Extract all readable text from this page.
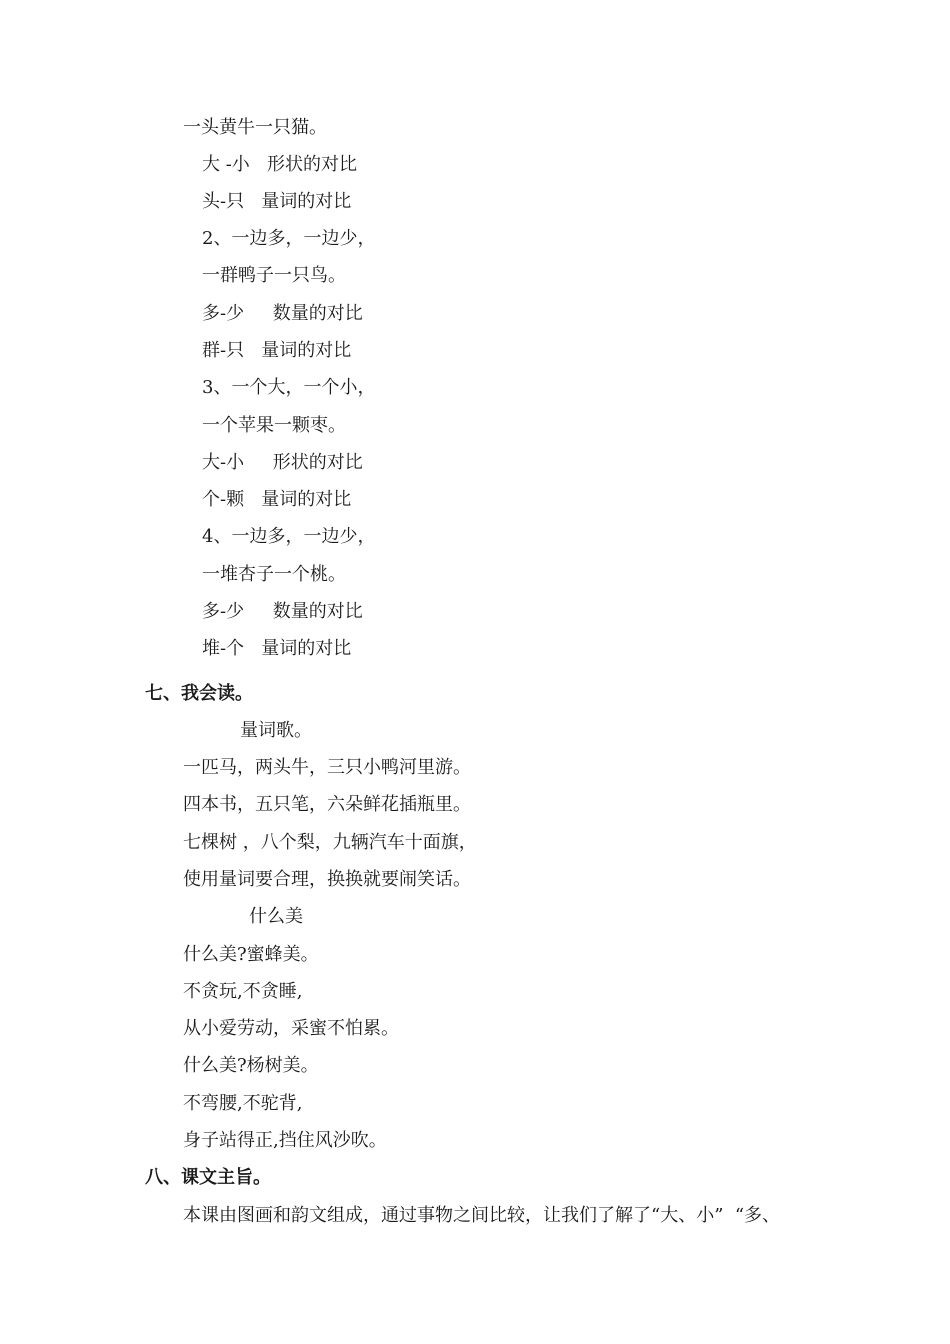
一头黄牛一只猫。
大 -小   形状的对比
头-只   量词的对比
2、一边多，一边少，
一群鸭子一只鸟。
多-少     数量的对比
群-只   量词的对比
3、一个大，一个小，
一个苹果一颗枣。
大-小     形状的对比
个-颗   量词的对比
4、一边多，一边少，
一堆杏子一个桃。
多-少     数量的对比
堆-个   量词的对比
七、我会读。
量词歌。
一匹马，两头牛，三只小鸭河里游。
四本书，五只笔，六朵鲜花插瓶里。
七棵树 ，八个梨，九辆汽车十面旗，
使用量词要合理，换换就要闹笑话。
什么美
什么美?蜜蜂美。
不贪玩,不贪睡,
从小爱劳动，采蜜不怕累。
什么美?杨树美。
不弯腰,不驼背,
身子站得正,挡住风沙吹。
八、课文主旨。
本课由图画和韵文组成，通过事物之间比较，让我们了解了“大、小”  “多、
